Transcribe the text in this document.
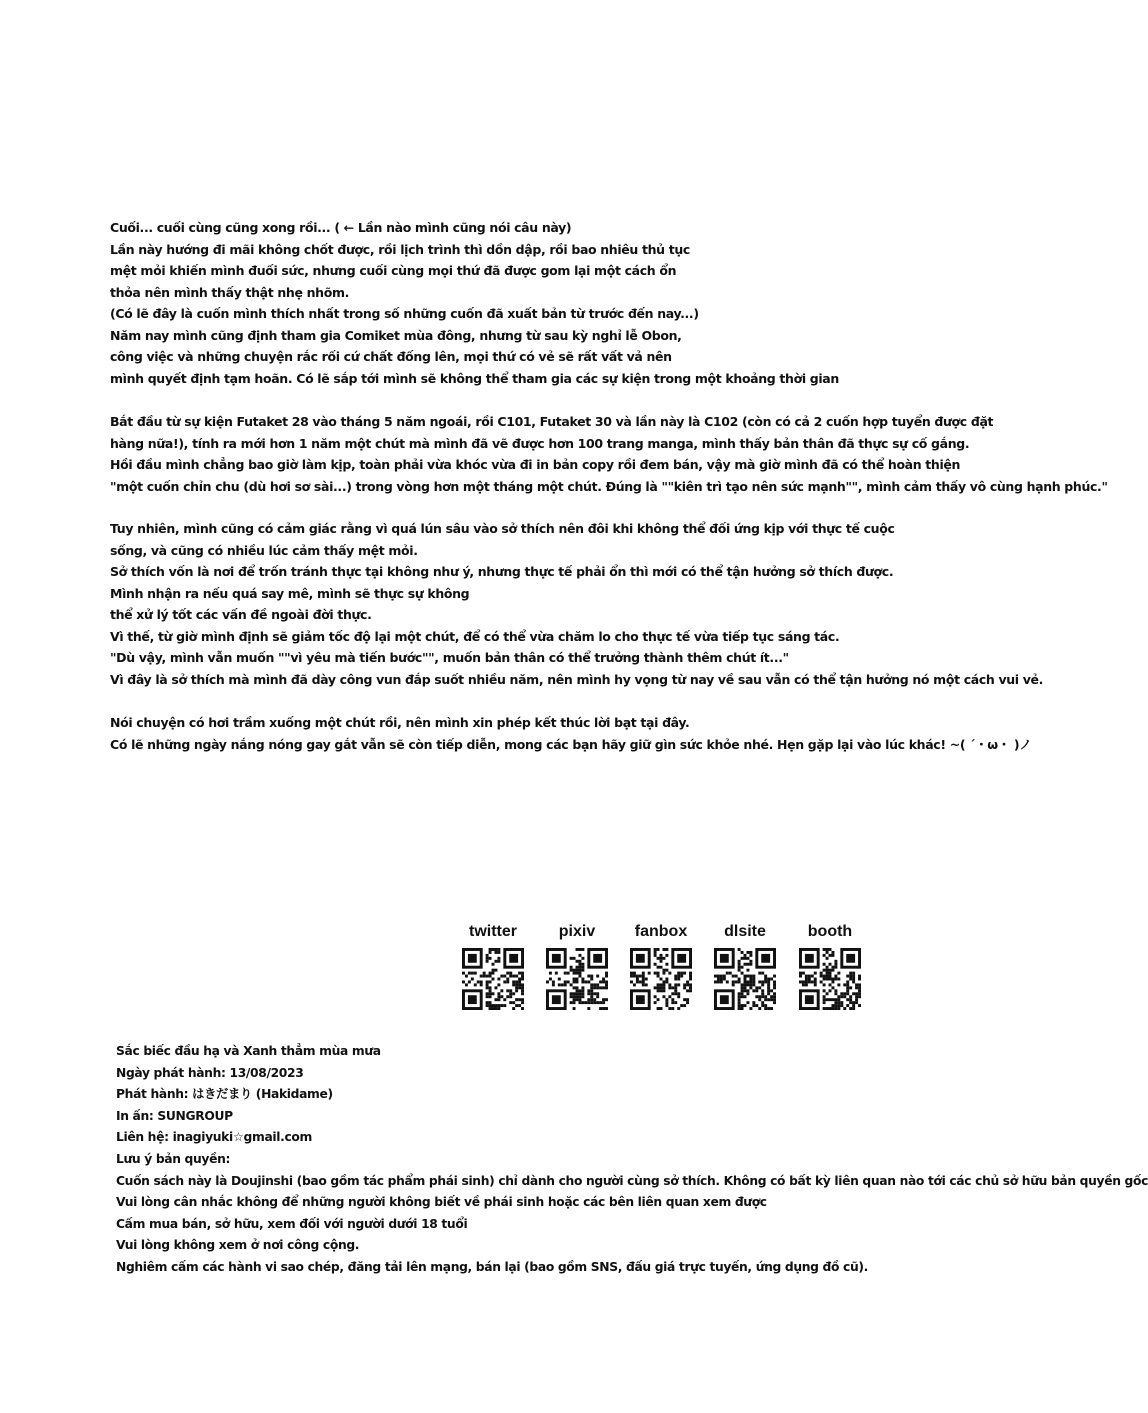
Cuối... cuối cùng cũng xong rồi... ( ← Lần nào mình cũng nói câu này)
Lần này hướng đi mãi không chốt được, rồi lịch trình thì dồn dập, rồi bao nhiêu thủ tục
mệt mỏi khiến mình đuối sức, nhưng cuối cùng mọi thứ đã được gom lại một cách ổn
thỏa nên mình thấy thật nhẹ nhõm.
(Có lẽ đây là cuốn mình thích nhất trong số những cuốn đã xuất bản từ trước đến nay...)
Năm nay mình cũng định tham gia Comiket mùa đông, nhưng từ sau kỳ nghỉ lễ Obon,
công việc và những chuyện rắc rối cứ chất đống lên, mọi thứ có vẻ sẽ rất vất vả nên
mình quyết định tạm hoãn. Có lẽ sắp tới mình sẽ không thể tham gia các sự kiện trong một khoảng thời gian
Bắt đầu từ sự kiện Futaket 28 vào tháng 5 năm ngoái, rồi C101, Futaket 30 và lần này là C102 (còn có cả 2 cuốn hợp tuyển được đặt
hàng nữa!), tính ra mới hơn 1 năm một chút mà mình đã vẽ được hơn 100 trang manga, mình thấy bản thân đã thực sự cố gắng.
Hồi đầu mình chẳng bao giờ làm kịp, toàn phải vừa khóc vừa đi in bản copy rồi đem bán, vậy mà giờ mình đã có thể hoàn thiện
"một cuốn chỉn chu (dù hơi sơ sài...) trong vòng hơn một tháng một chút. Đúng là ""kiên trì tạo nên sức mạnh"", mình cảm thấy vô cùng hạnh phúc."
Tuy nhiên, mình cũng có cảm giác rằng vì quá lún sâu vào sở thích nên đôi khi không thể đối ứng kịp với thực tế cuộc sống, và cũng có nhiều lúc cảm thấy mệt mỏi.
Sở thích vốn là nơi để trốn tránh thực tại không như ý, nhưng thực tế phải ổn thì mới có thể tận hưởng sở thích được. Mình nhận ra nếu quá say mê, mình sẽ thực sự không
thể xử lý tốt các vấn đề ngoài đời thực.
Vì thế, từ giờ mình định sẽ giảm tốc độ lại một chút, để có thể vừa chăm lo cho thực tế vừa tiếp tục sáng tác.
"Dù vậy, mình vẫn muốn ""vì yêu mà tiến bước"", muốn bản thân có thể trưởng thành thêm chút ít..."
Vì đây là sở thích mà mình đã dày công vun đắp suốt nhiều năm, nên mình hy vọng từ nay về sau vẫn có thể tận hưởng nó một cách vui vẻ.
Nói chuyện có hơi trầm xuống một chút rồi, nên mình xin phép kết thúc lời bạt tại đây.
Có lẽ những ngày nắng nóng gay gắt vẫn sẽ còn tiếp diễn, mong các bạn hãy giữ gìn sức khỏe nhé. Hẹn gặp lại vào lúc khác! ~( ´・ω・ )ノ
twitter	pixiv	fanbox	dlsite	booth
Sắc biếc đầu hạ và Xanh thẳm mùa mưa
Ngày phát hành: 13/08/2023
Phát hành: はきだまり (Hakidame)
In ấn: SUNGROUP
Liên hệ: inagiyuki☆gmail.com
Lưu ý bản quyền:
Cuốn sách này là Doujinshi (bao gồm tác phẩm phái sinh) chỉ dành cho người cùng sở thích. Không có bất kỳ liên quan nào tới các chủ sở hữu bản quyền gốc
Vui lòng cân nhắc không để những người không biết về phái sinh hoặc các bên liên quan xem được
Cấm mua bán, sở hữu, xem đối với người dưới 18 tuổi
Vui lòng không xem ở nơi công cộng.
Nghiêm cấm các hành vi sao chép, đăng tải lên mạng, bán lại (bao gồm SNS, đấu giá trực tuyến, ứng dụng đồ cũ).
